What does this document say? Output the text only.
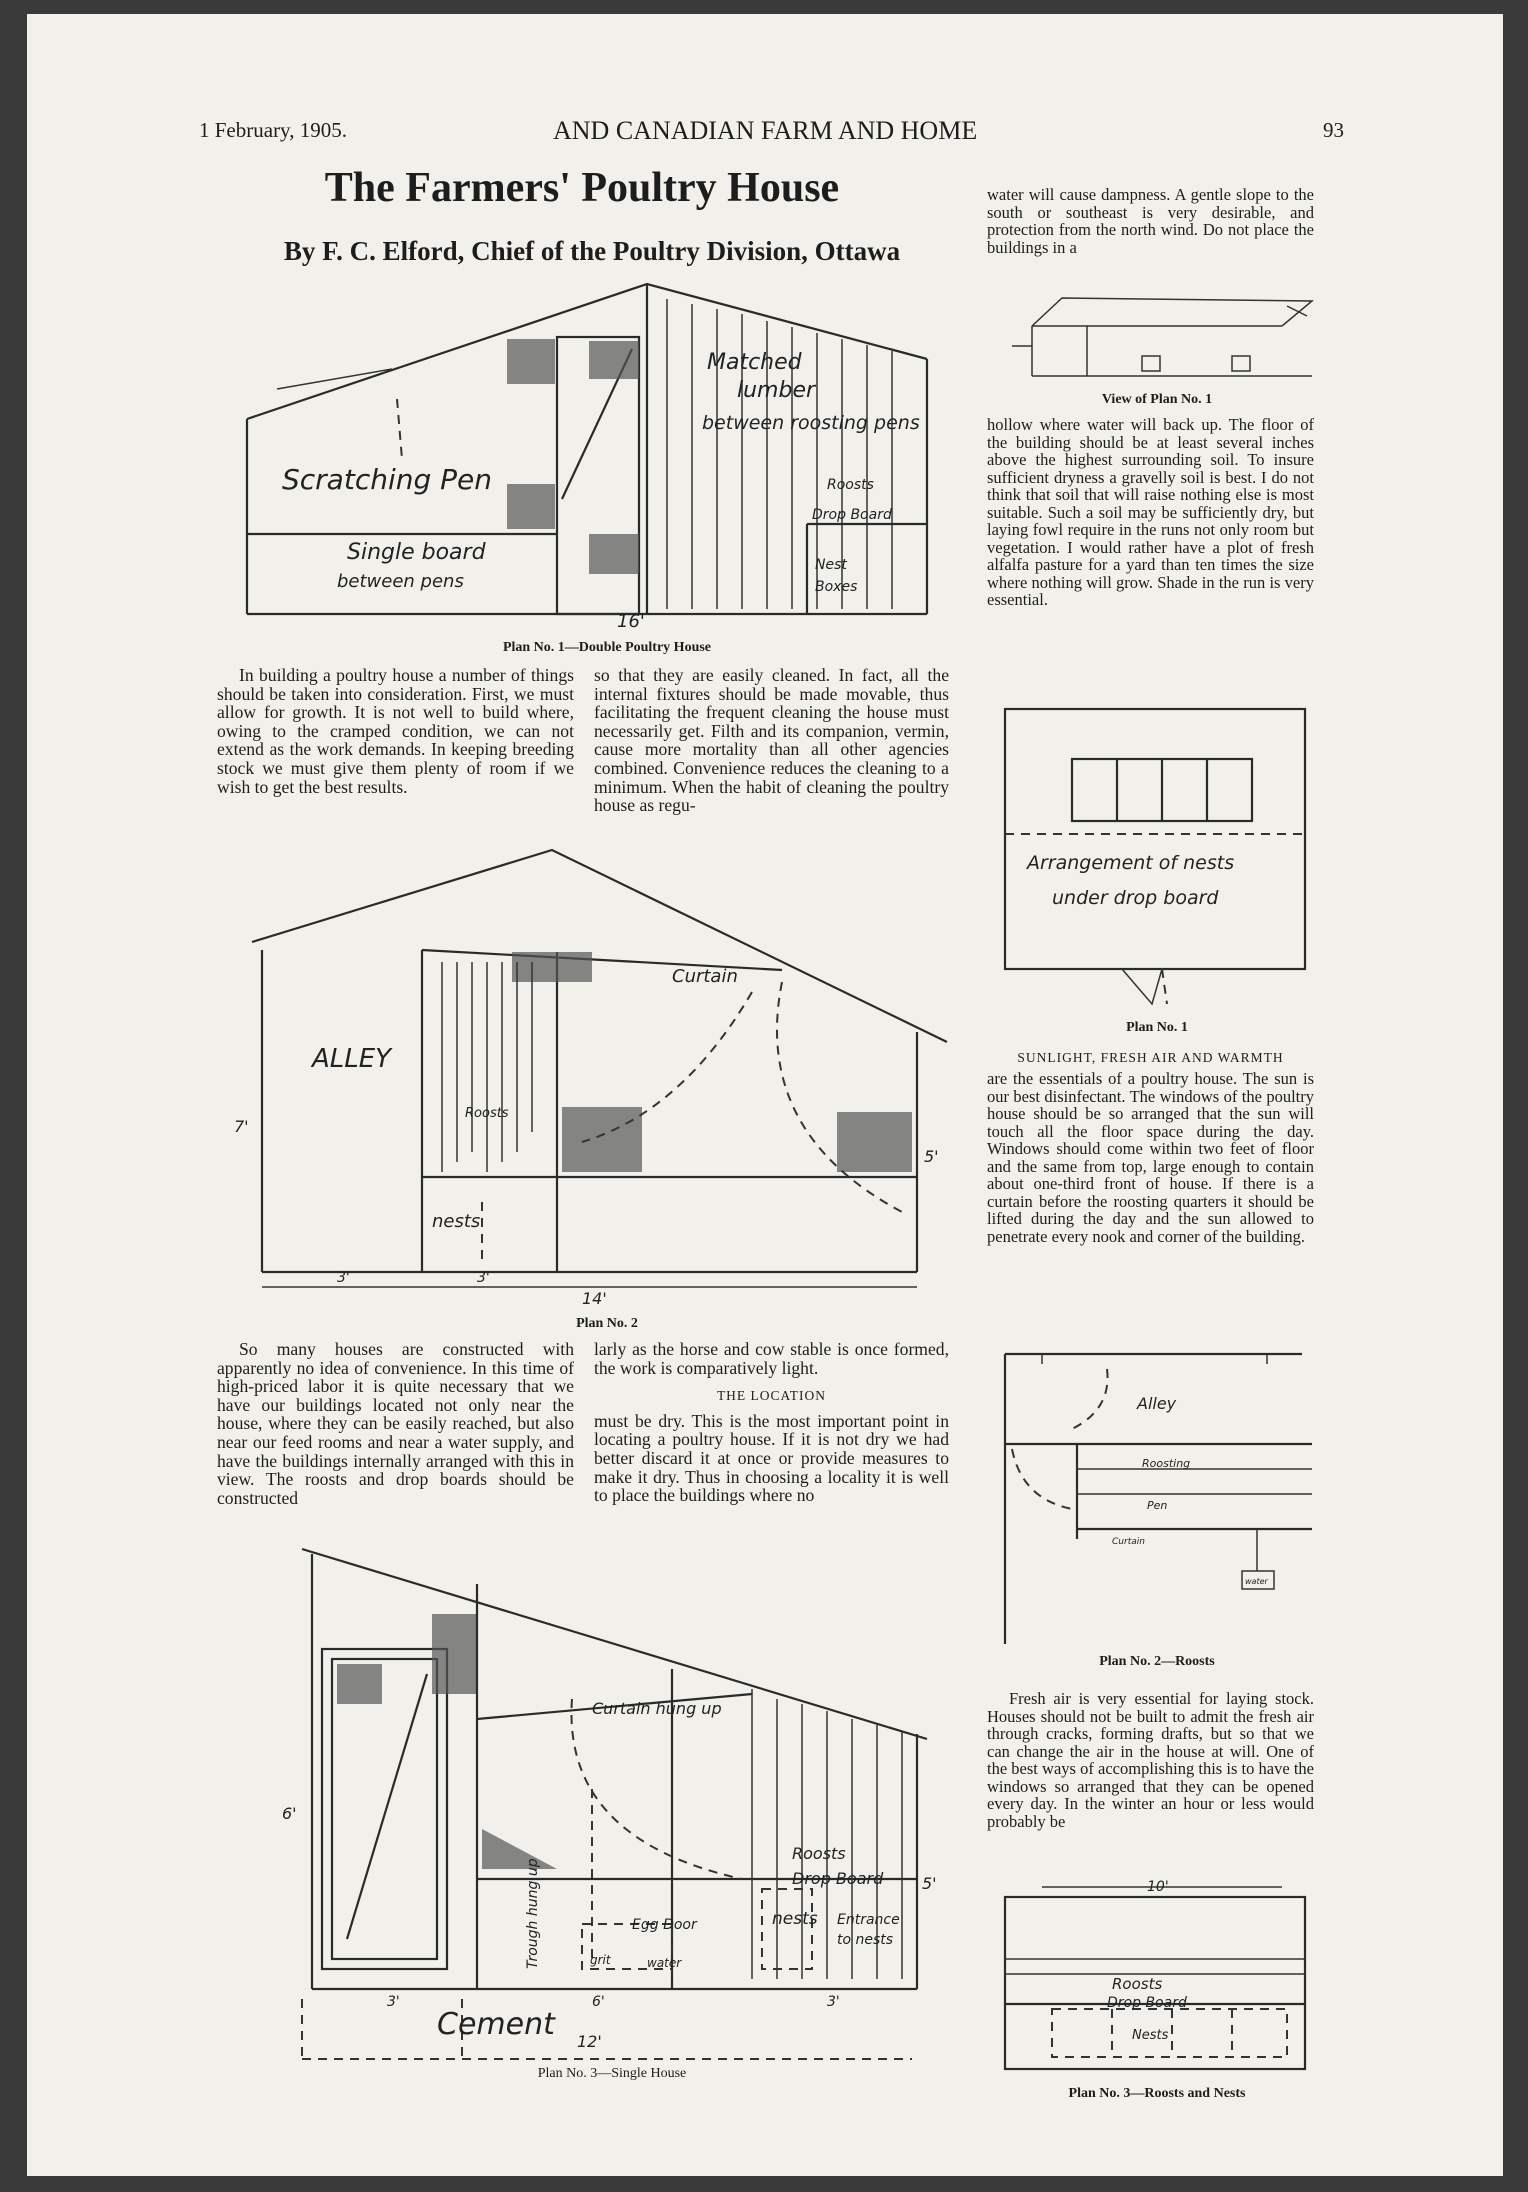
1 February, 1905.	AND CANADIAN FARM AND HOME	93
The Farmers' Poultry House
By F. C. Elford, Chief of the Poultry Division, Ottawa
Matched
lumber
between roosting pens
Scratching Pen
Single board
between pens
Roosts
Drop Board
Nest
Boxes
16'
Plan No. 1—Double Poultry House

In building a poultry house a number of things should be taken into consideration. First, we must allow for growth. It is not well to build where, owing to the cramped condition, we can not extend as the work demands. In keeping breeding stock we must give them plenty of room if we wish to get the best results.

so that they are easily cleaned. In fact, all the internal fixtures should be made movable, thus facilitating the frequent cleaning the house must necessarily get. Filth and its companion, vermin, cause more mortality than all other agencies combined. Convenience reduces the cleaning to a minimum. When the habit of cleaning the poultry house as regu-

ALLEY
Curtain
Roosts
nests
7'
5'
3'	3'
14'
Plan No. 2

So many houses are constructed with apparently no idea of convenience. In this time of high-priced labor it is quite necessary that we have our buildings located not only near the house, where they can be easily reached, but also near our feed rooms and near a water supply, and have the buildings internally arranged with this in view. The roosts and drop boards should be constructed

larly as the horse and cow stable is once formed, the work is comparatively light.

THE LOCATION

must be dry. This is the most important point in locating a poultry house. If it is not dry we had better discard it at once or provide measures to make it dry. Thus in choosing a locality it is well to place the buildings where no

Curtain hung up
Trough hung up
Roosts
Drop Board
Egg Door
grit	water
nests Entrance
to nests
Cement
6'
5'
3'	6'	3'
12'
Plan No. 3—Single House

water will cause dampness. A gentle slope to the south or southeast is very desirable, and protection from the north wind. Do not place the buildings in a

View of Plan No. 1

hollow where water will back up. The floor of the building should be at least several inches above the highest surrounding soil. To insure sufficient dryness a gravelly soil is best. I do not think that soil that will raise nothing else is most suitable. Such a soil may be sufficiently dry, but laying fowl require in the runs not only room but vegetation. I would rather have a plot of fresh alfalfa pasture for a yard than ten times the size where nothing will grow. Shade in the run is very essential.

Arrangement of nests
under drop board
Plan No. 1
SUNLIGHT, FRESH AIR AND WARMTH

are the essentials of a poultry house. The sun is our best disinfectant. The windows of the poultry house should be so arranged that the sun will touch all the floor space during the day. Windows should come within two feet of floor and the same from top, large enough to contain about one-third front of house. If there is a curtain before the roosting quarters it should be lifted during the day and the sun allowed to penetrate every nook and corner of the building.

Alley
Roosting
Pen
Curtain
water
Plan No. 2—Roosts

Fresh air is very essential for laying stock. Houses should not be built to admit the fresh air through cracks, forming drafts, but so that we can change the air in the house at will. One of the best ways of accomplishing this is to have the windows so arranged that they can be opened every day. In the winter an hour or less would probably be

10'
Roosts
Drop Board
Nests
Plan No. 3—Roosts and Nests
